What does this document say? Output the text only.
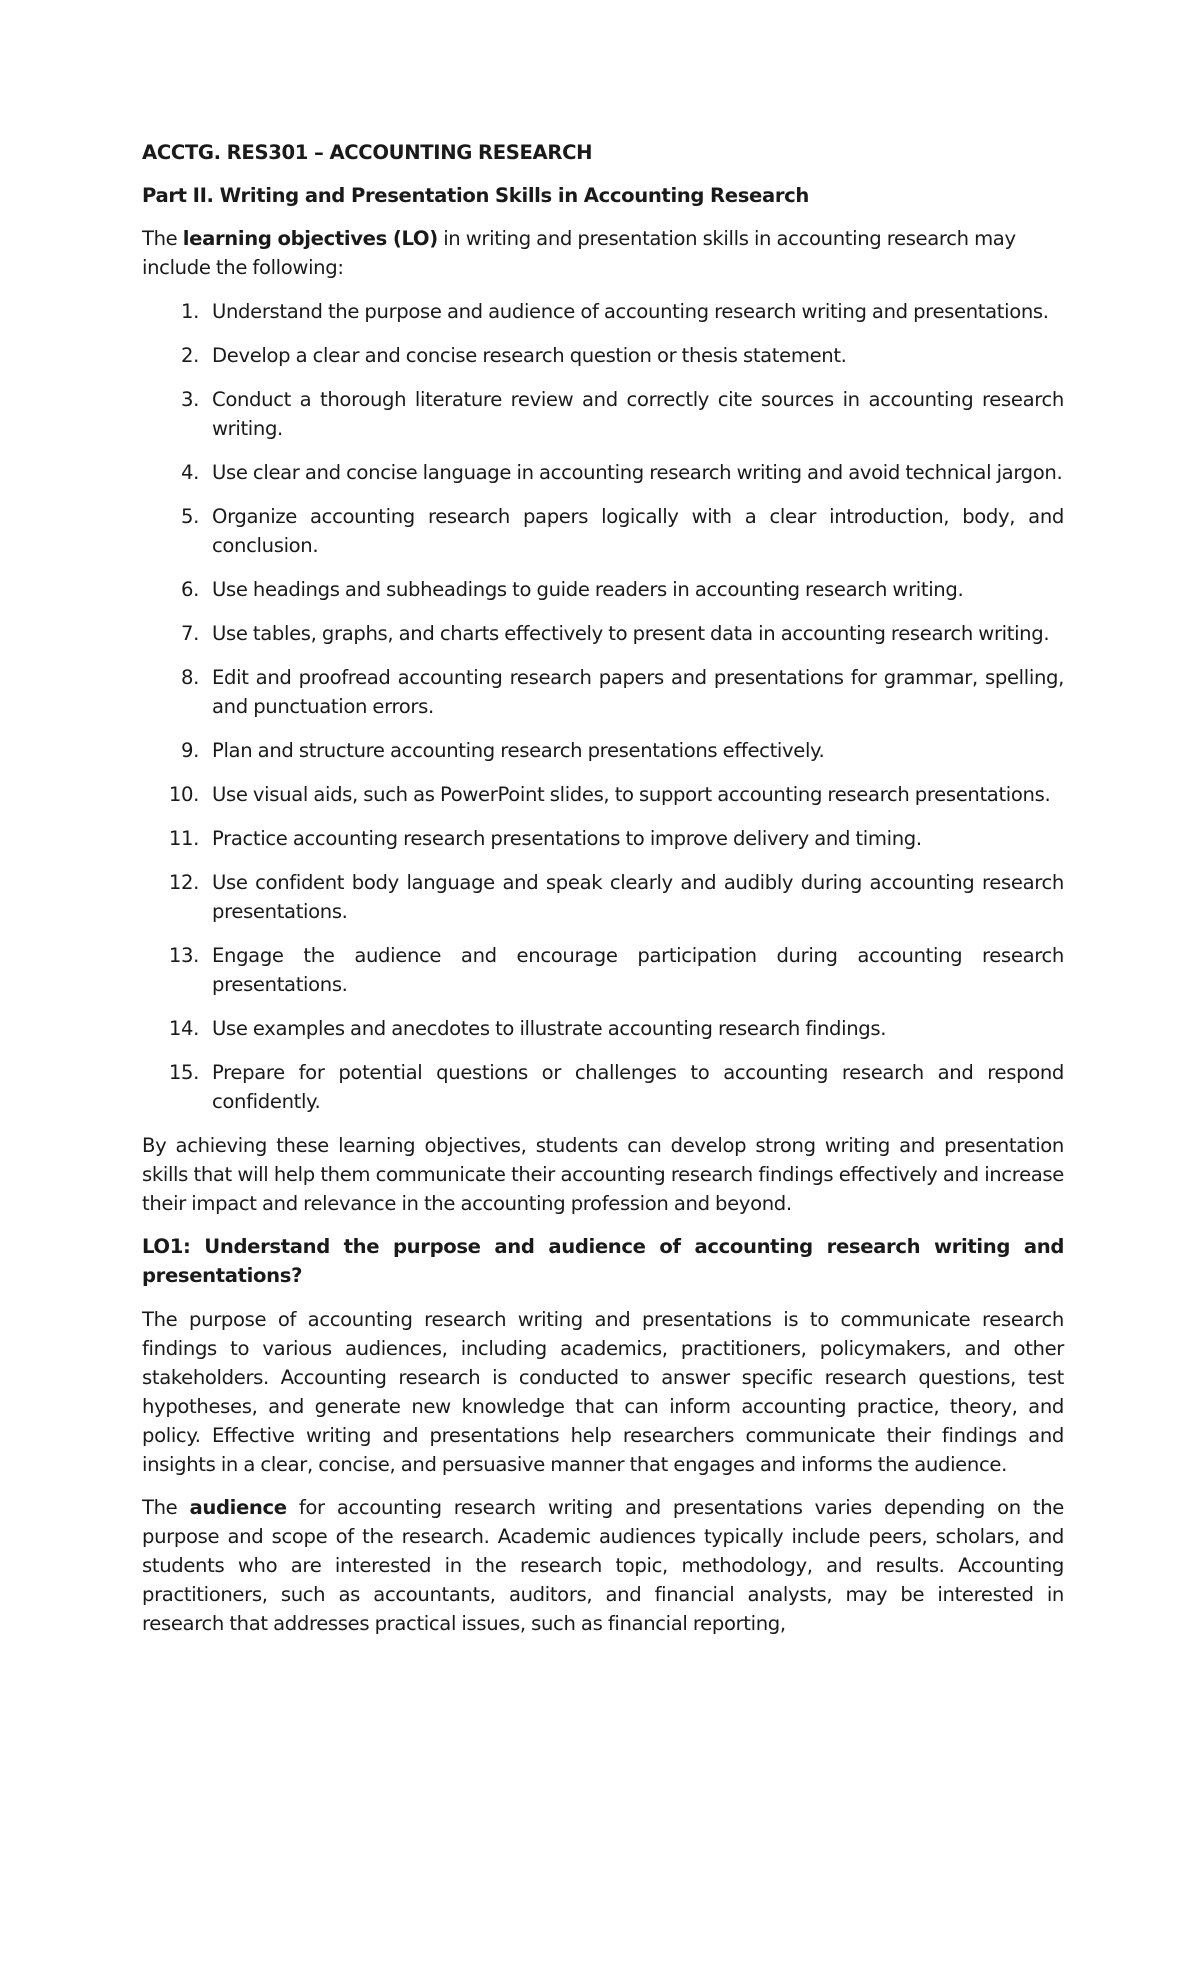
ACCTG. RES301 – ACCOUNTING RESEARCH
Part II. Writing and Presentation Skills in Accounting Research

The learning objectives (LO) in writing and presentation skills in accounting research may include the following:

1. Understand the purpose and audience of accounting research writing and presentations.
2. Develop a clear and concise research question or thesis statement.
3. Conduct a thorough literature review and correctly cite sources in accounting research writing.
4. Use clear and concise language in accounting research writing and avoid technical jargon.
5. Organize accounting research papers logically with a clear introduction, body, and conclusion.
6. Use headings and subheadings to guide readers in accounting research writing.
7. Use tables, graphs, and charts effectively to present data in accounting research writing.
8. Edit and proofread accounting research papers and presentations for grammar, spelling, and punctuation errors.
9. Plan and structure accounting research presentations effectively.
10. Use visual aids, such as PowerPoint slides, to support accounting research presentations.
11. Practice accounting research presentations to improve delivery and timing.
12. Use confident body language and speak clearly and audibly during accounting research presentations.
13. Engage the audience and encourage participation during accounting research presentations.
14. Use examples and anecdotes to illustrate accounting research findings.
15. Prepare for potential questions or challenges to accounting research and respond confidently.

By achieving these learning objectives, students can develop strong writing and presentation skills that will help them communicate their accounting research findings effectively and increase their impact and relevance in the accounting profession and beyond.

LO1: Understand the purpose and audience of accounting research writing and presentations?

The purpose of accounting research writing and presentations is to communicate research findings to various audiences, including academics, practitioners, policymakers, and other stakeholders. Accounting research is conducted to answer specific research questions, test hypotheses, and generate new knowledge that can inform accounting practice, theory, and policy. Effective writing and presentations help researchers communicate their findings and insights in a clear, concise, and persuasive manner that engages and informs the audience.

The audience for accounting research writing and presentations varies depending on the purpose and scope of the research. Academic audiences typically include peers, scholars, and students who are interested in the research topic, methodology, and results. Accounting practitioners, such as accountants, auditors, and financial analysts, may be interested in research that addresses practical issues, such as financial reporting,
